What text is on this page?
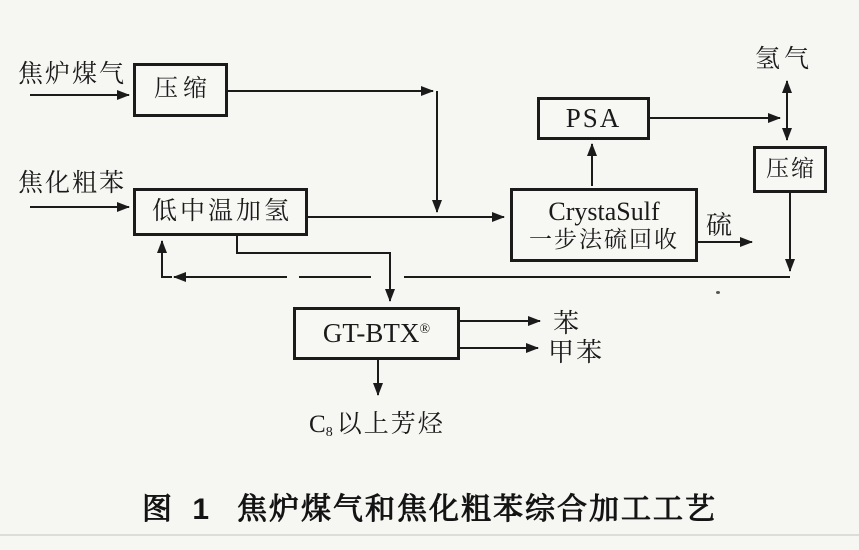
压缩
低中温加氢
PSA
CrystaSulf
一步法硫回收
压缩
GT-BTX®
焦炉煤气
焦化粗苯
氢气
硫
苯
甲苯
$C_8$ 以上芳烃
图 1 焦炉煤气和焦化粗苯综合加工工艺
